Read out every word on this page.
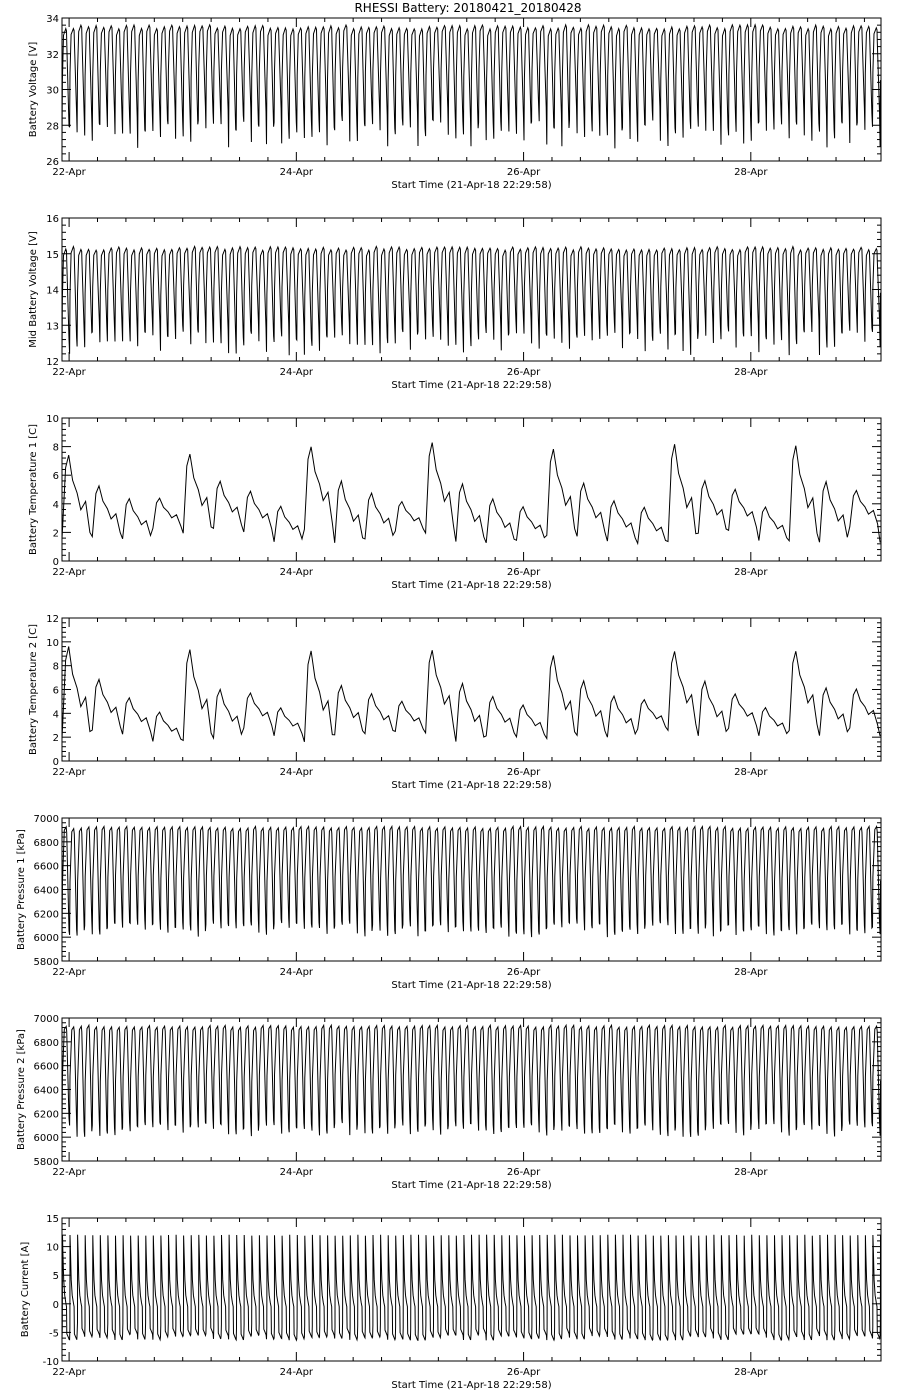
RHESSI Battery: 20180421_20180428
26
28
30
32
34
22-Apr	24-Apr	26-Apr	28-Apr
Start Time (21-Apr-18 22:29:58)
Battery Voltage [V]
12
13
14
15
16
22-Apr	24-Apr	26-Apr	28-Apr
Start Time (21-Apr-18 22:29:58)
Mid Battery Voltage [V]
0
2
4
6
8
10
22-Apr	24-Apr	26-Apr	28-Apr
Start Time (21-Apr-18 22:29:58)
Battery Temperature 1 [C]
0
2
4
6
8
10
12
22-Apr	24-Apr	26-Apr	28-Apr
Start Time (21-Apr-18 22:29:58)
Battery Temperature 2 [C]
5800
6000
6200
6400
6600
6800
7000
22-Apr	24-Apr	26-Apr	28-Apr
Start Time (21-Apr-18 22:29:58)
Battery Pressure 1 [kPa]
5800
6000
6200
6400
6600
6800
7000
22-Apr	24-Apr	26-Apr	28-Apr
Start Time (21-Apr-18 22:29:58)
Battery Pressure 2 [kPa]
-10
-5
0
5
10
15
22-Apr	24-Apr	26-Apr	28-Apr
Start Time (21-Apr-18 22:29:58)
Battery Current [A]
